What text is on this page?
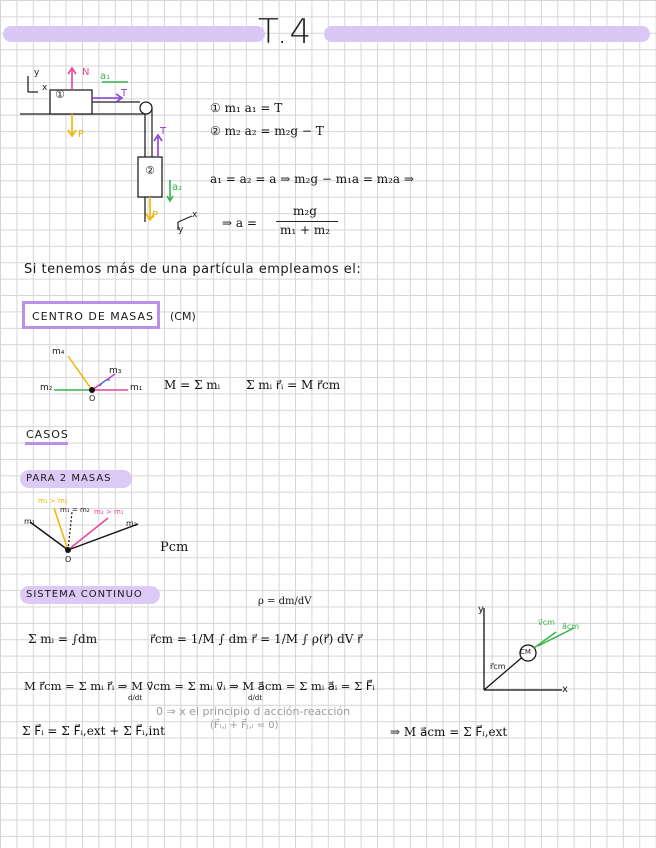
T.4
y
x ①
N a₁
T
P	T
②
a₂
P	x
y
① m₁ a₁ = T
② m₂ a₂ = m₂g − T
a₁ = a₂ = a ⇒ m₂g − m₁a = m₂a ⇒
⇒ a =
m₂g
m₁ + m₂
Si tenemos más de una partícula empleamos el:
CENTRO DE MASAS	(CM)
m₄
m₃
m₂	m₁
O
M = Σ mᵢ Σ mᵢ r⃗ᵢ = M r⃗cm
CASOS
PARA 2 MASAS
m₁	m₂
m₁ = m₂
m₁ > m₂
m₂ > m₁
O
Pcm
SISTEMA CONTINUO
ρ = dm/dV
Σ mᵢ = ∫dm	r⃗cm = 1/M ∫ dm r⃗ = 1/M ∫ ρ(r⃗) dV r⃗
M r⃗cm = Σ mᵢ r⃗ᵢ ⇒ M v⃗cm = Σ mᵢ v⃗ᵢ ⇒ M a⃗cm = Σ mᵢ a⃗ᵢ = Σ F⃗ᵢ
d/dt	d/dt
Σ F⃗ᵢ = Σ F⃗ᵢ,ext + Σ F⃗ᵢ,int
0 ⇒ x el principio d acción-reacción
(F⃗ᵢ,ⱼ + F⃗ⱼ,ᵢ = 0)	⇒ M a⃗cm = Σ F⃗ᵢ,ext
y
x
CM
r⃗cm
v⃗cm a⃗cm
